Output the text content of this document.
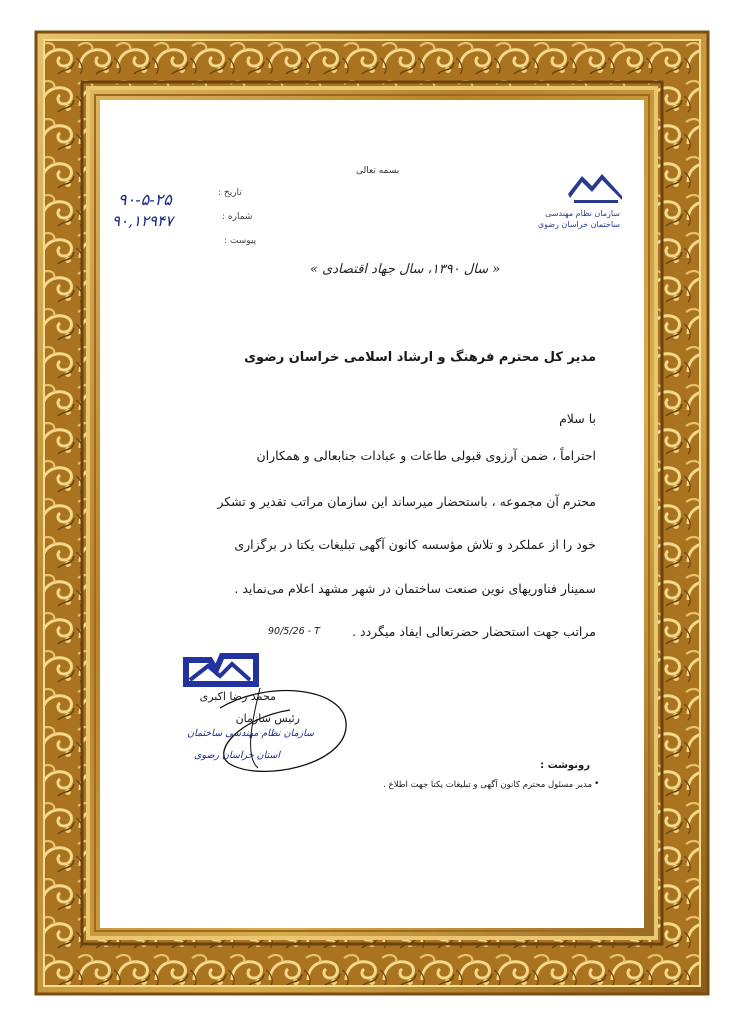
بسمه تعالی
سازمان نظام مهندسی
ساختمان خراسان رضوی
تاریخ :
شماره :
پیوست :
۹۰-۵-۲۵
۹۰,۱۲۹۴۷
« سال ۱۳۹۰، سال جهاد اقتصادی »
مدیر کل محترم فرهنگ و ارشاد اسلامی خراسان رضوی
با سلام
احتراماً ، ضمن آرزوی قبولی طاعات و عبادات جنابعالی و همکاران
محترم آن مجموعه ، باستحضار میرساند این سازمان مراتب تقدیر و تشکر
خود را از عملکرد و تلاش مؤسسه کانون آگهی تبلیغات یکتا در برگزاری
سمینار فناوریهای نوین صنعت ساختمان در شهر مشهد اعلام می‌نماید .
مراتب جهت استحضار حضرتعالی ایفاد میگردد .
90/5/26 - T
محمد رضا اکبری
رئیس سازمان
سازمان نظام مهندسی ساختمان
استان خراسان رضوی
رونوشت :
مدیر مسئول محترم کانون آگهی و تبلیغات یکتا جهت اطلاع . •
